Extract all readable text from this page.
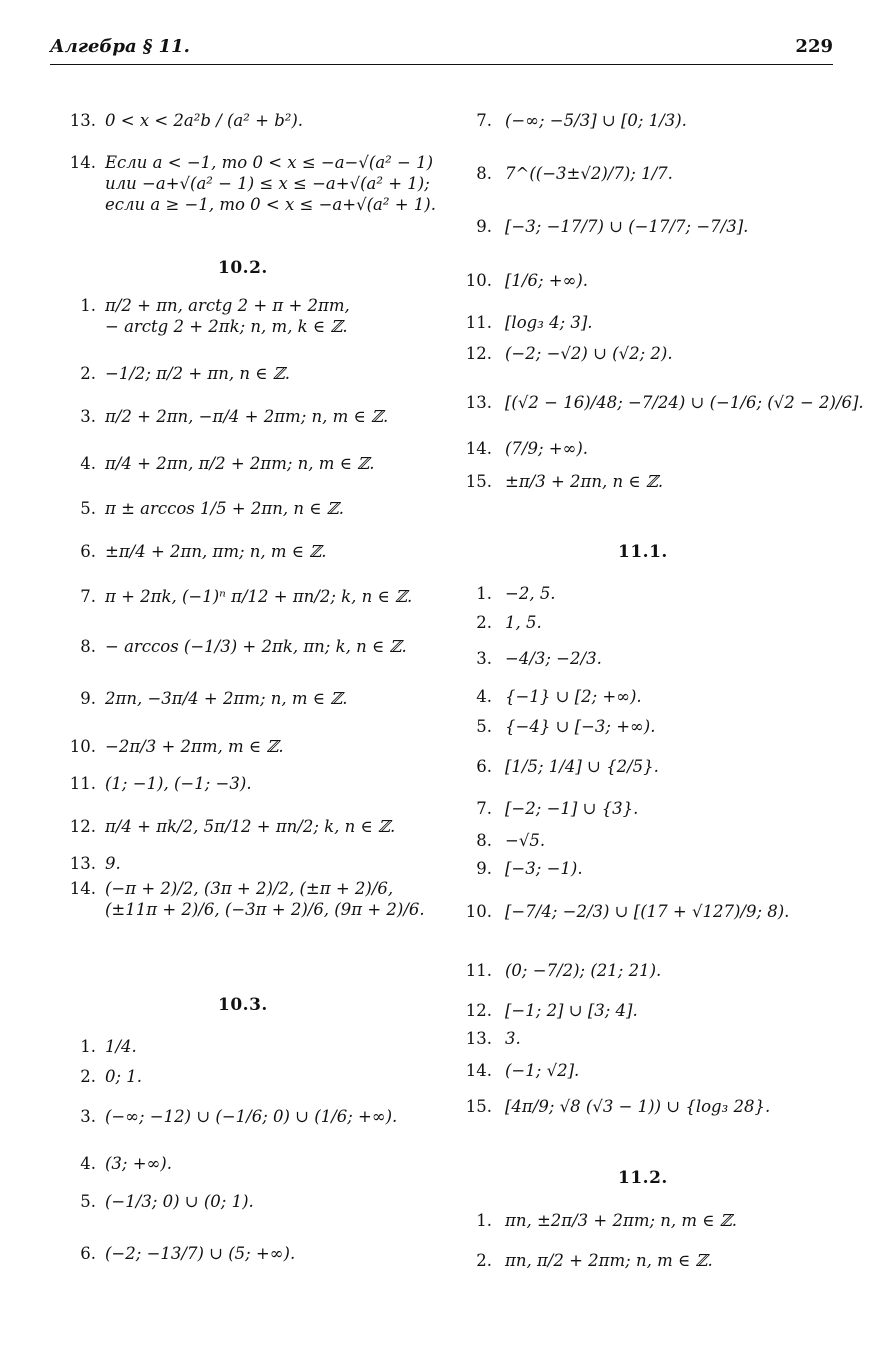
Алгебра § 11.	229
13. 0 < x < 2a²b / (a² + b²).
14. Если a < −1, то 0 < x ≤ −a−√(a² − 1)
или −a+√(a² − 1) ≤ x ≤ −a+√(a² + 1);
если a ≥ −1, то 0 < x ≤ −a+√(a² + 1).
10.2.
1. π/2 + πn, arctg 2 + π + 2πm,
− arctg 2 + 2πk; n, m, k ∈ ℤ.
2. −1/2; π/2 + πn, n ∈ ℤ.
3. π/2 + 2πn, −π/4 + 2πm; n, m ∈ ℤ.
4. π/4 + 2πn, π/2 + 2πm; n, m ∈ ℤ.
5. π ± arccos 1/5 + 2πn, n ∈ ℤ.
6. ±π/4 + 2πn, πm; n, m ∈ ℤ.
7. π + 2πk, (−1)ⁿ π/12 + πn/2; k, n ∈ ℤ.
8. − arccos (−1/3) + 2πk, πn; k, n ∈ ℤ.
9. 2πn, −3π/4 + 2πm; n, m ∈ ℤ.
10. −2π/3 + 2πm, m ∈ ℤ.
11. (1; −1), (−1; −3).
12. π/4 + πk/2, 5π/12 + πn/2; k, n ∈ ℤ.
13. 9.
14. (−π + 2)/2, (3π + 2)/2, (±π + 2)/6,
(±11π + 2)/6, (−3π + 2)/6, (9π + 2)/6.
10.3.
1. 1/4.
2. 0; 1.
3. (−∞; −12) ∪ (−1/6; 0) ∪ (1/6; +∞).
4. (3; +∞).
5. (−1/3; 0) ∪ (0; 1).
6. (−2; −13/7) ∪ (5; +∞).
7. (−∞; −5/3] ∪ [0; 1/3).
8. 7^((−3±√2)/7); 1/7.
9. [−3; −17/7) ∪ (−17/7; −7/3].
10. [1/6; +∞).
11. [log₃ 4; 3].
12. (−2; −√2) ∪ (√2; 2).
13. [(√2 − 16)/48; −7/24) ∪ (−1/6; (√2 − 2)/6].
14. (7/9; +∞).
15. ±π/3 + 2πn, n ∈ ℤ.
11.1.
1. −2, 5.
2. 1, 5.
3. −4/3; −2/3.
4. {−1} ∪ [2; +∞).
5. {−4} ∪ [−3; +∞).
6. [1/5; 1/4] ∪ {2/5}.
7. [−2; −1] ∪ {3}.
8. −√5.
9. [−3; −1).
10. [−7/4; −2/3) ∪ [(17 + √127)/9; 8).
11. (0; −7/2); (21; 21).
12. [−1; 2] ∪ [3; 4].
13. 3.
14. (−1; √2].
15. [4π/9; √8 (√3 − 1)) ∪ {log₃ 28}.
11.2.
1. πn, ±2π/3 + 2πm; n, m ∈ ℤ.
2. πn, π/2 + 2πm; n, m ∈ ℤ.
